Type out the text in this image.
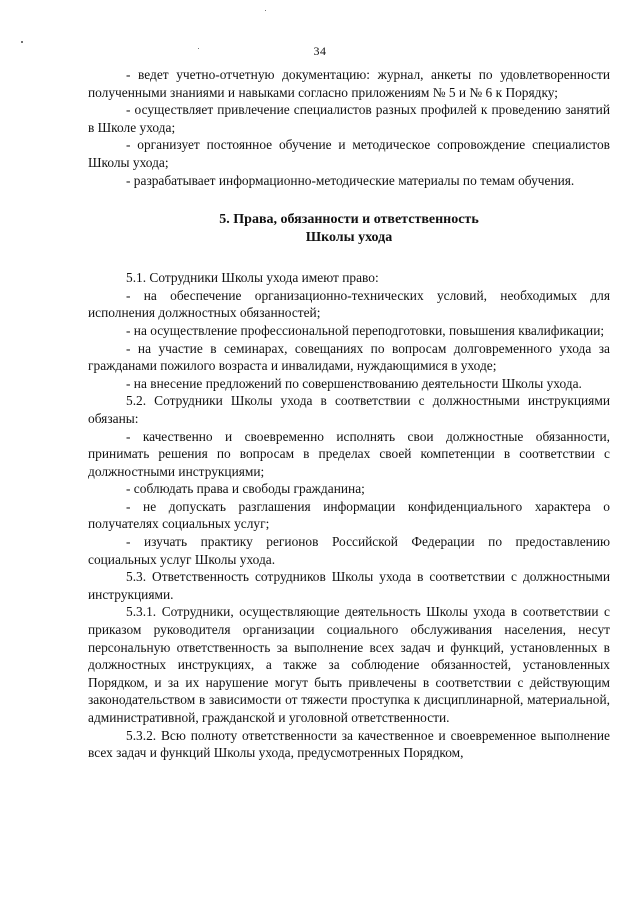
34

- ведет учетно-отчетную документацию: журнал, анкеты по удовлетворенности полученными знаниями и навыками согласно приложениям № 5 и № 6 к Порядку;

- осуществляет привлечение специалистов разных профилей к проведению занятий в Школе ухода;

- организует постоянное обучение и методическое сопровождение специалистов Школы ухода;

- разрабатывает информационно-методические материалы по темам обучения.

5. Права, обязанности и ответственность
Школы ухода

5.1. Сотрудники Школы ухода имеют право:

- на обеспечение организационно-технических условий, необходимых для исполнения должностных обязанностей;

- на осуществление профессиональной переподготовки, повышения квалификации;

- на участие в семинарах, совещаниях по вопросам долговременного ухода за гражданами пожилого возраста и инвалидами, нуждающимися в уходе;

- на внесение предложений по совершенствованию деятельности Школы ухода.

5.2. Сотрудники Школы ухода в соответствии с должностными инструкциями обязаны:

- качественно и своевременно исполнять свои должностные обязанности, принимать решения по вопросам в пределах своей компетенции в соответствии с должностными инструкциями;

- соблюдать права и свободы гражданина;

- не допускать разглашения информации конфиденциального характера о получателях социальных услуг;

- изучать практику регионов Российской Федерации по предоставлению социальных услуг Школы ухода.

5.3. Ответственность сотрудников Школы ухода в соответствии с должностными инструкциями.

5.3.1. Сотрудники, осуществляющие деятельность Школы ухода в соответствии с приказом руководителя организации социального обслуживания населения, несут персональную ответственность за выполнение всех задач и функций, установленных в должностных инструкциях, а также за соблюдение обязанностей, установленных Порядком, и за их нарушение могут быть привлечены в соответствии с действующим законодательством в зависимости от тяжести проступка к дисциплинарной, материальной, административной, гражданской и уголовной ответственности.

5.3.2. Всю полноту ответственности за качественное и своевременное выполнение всех задач и функций Школы ухода, предусмотренных Порядком,
